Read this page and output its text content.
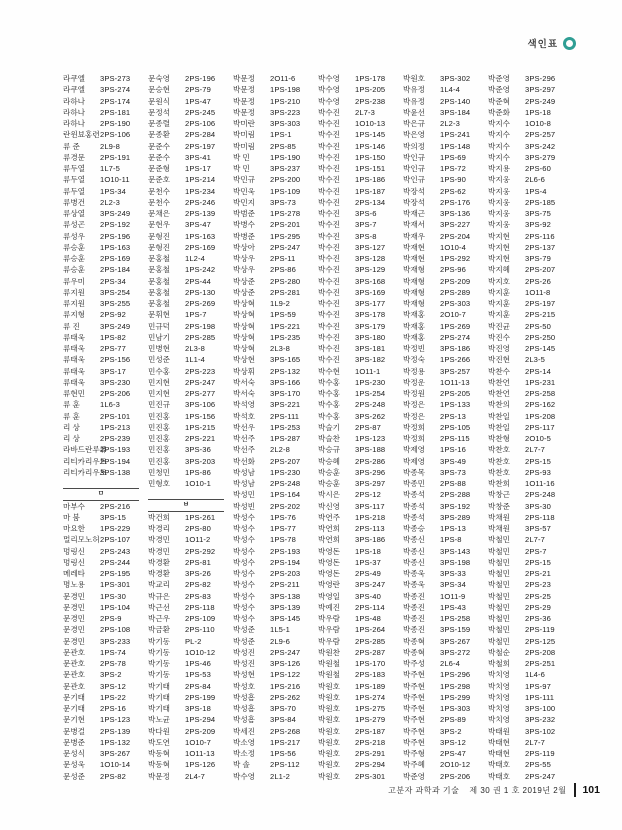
색인표
라쿠엘 3PS-273
라쿠엘 3PS-274
라하나 2PS-174
라하나 2PS-181
라하나 2PS-190
란윈뵤홍련2PS-106
류 준	2L9-8
류경문 2PS-191
류두열 1L7-5
류두열 1O10-11
류두열 1PS-34
류병건 2L2-3
류상열 3PS-249
류성곤 2PS-192
류성우 2PS-196
류승훈 1PS-163
류승훈 2PS-169
류승훈 2PS-184
류우미 2PS-34
류지원 3PS-254
류지원 3PS-255
류지형 2PS-92
류 진	3PS-249
류태욱 1PS-82
류태욱 2PS-77
류태욱 2PS-156
류태욱 3PS-17
류태욱 3PS-230
류현민 2PS-206
류 훈	1L6-3
류 훈	2PS-101
리 상	1PS-213
리 상	2PS-239
라바드란루퓨2PS-193
리티카리우트2PS-194
리티카리우트3PS-138
ㅁ
마부수 2PS-216
마 붐	3PS-15
마요한 1PS-229
멀리모노허2PS-107
멍링신 2PS-243
멍링신 2PS-244
메레타 2PS-195
명노용 1PS-301
문경민 1PS-30
문경민 1PS-104
문경민 2PS-9
문경민 2PS-108
문경민 3PS-233
문관호 1PS-74
문관호 2PS-78
문관호 3PS-2
문관호 3PS-12
문기태 1PS-22
문기태 2PS-16
문기현 1PS-123
문병걸 2PS-139
문병준 1PS-132
문성식 3PS-267
문성욱 1O10-14
문성준 2PS-82
문숙영 2PS-196
문승현 2PS-79
문원식 1PS-47
문정석 2PS-245
문종렬 2PS-106
문종환 2PS-284
문준수 2PS-197
문준수 3PS-41
문준형 1PS-17
문준호 1PS-214
문천수 1PS-234
문천수 2PS-246
문채은 2PS-139
문현우 3PS-47
문형진 1PS-163
문형진 2PS-169
문홍철 1L2-4
문홍철 1PS-242
문홍철 2PS-44
문홍철 2PS-130
문홍철 2PS-269
문휘현 1PS-7
민규덕 2PS-198
민남기 2PS-285
민병현 2L3-8
민성준 1L1-4
민수홍 2PS-223
민지현 2PS-247
민지현 2PS-277
민진규 3PS-106
민진홍 1PS-156
민진홍 1PS-215
민진홍 2PS-221
민진홍 3PS-36
민진홍 3PS-203
민청민 1PS-86
민형호 1O10-1
ㅂ
박건희 1PS-261
박경리 2PS-80
박경민 1O11-2
박경민 2PS-292
박경환 2PS-81
박경환 3PS-26
박교리 2PS-82
박규은 2PS-83
박근선 2PS-118
박근우 2PS-109
박금환 2PS-110
박기동 PL-2
박기동 1O10-12
박기동 1PS-46
박기동 1PS-53
박기태 2PS-84
박기태 2PS-199
박기태 3PS-18
박노균 1PS-294
박다원 2PS-209
박도연 1O10-7
박동혁 1O11-13
박동혁 1PS-126
박문정 2L4-7
박문정 2O11-6
박문정 1PS-198
박문정 1PS-210
박문정 3PS-223
박미란 3PS-303
박미림 1PS-1
박미림 2PS-85
박 민	1PS-190
박 민	3PS-237
박민규 2PS-200
박민욱 1PS-109
박민지 3PS-73
박범준 1PS-278
박병수 2PS-201
박병준 1PS-295
박상아 2PS-247
박상우 2PS-11
박상우 2PS-86
박상준 2PS-280
박상준 2PS-281
박상혁 1L9-2
박상혁 1PS-59
박상혁 1PS-221
박상혁 1PS-235
박상혁 2L3-8
박상현 3PS-165
박상휘 2PS-132
박서숙 3PS-166
박서숙 3PS-170
박석영 3PS-221
박석호 2PS-111
박선우 1PS-253
박선주 1PS-287
박선주 2L2-8
박선화 2PS-207
박성남 1PS-230
박성남 2PS-248
박성민 1PS-164
박성빈 2PS-202
박성수 1PS-76
박성수 1PS-77
박성수 1PS-78
박성수 2PS-193
박성수 2PS-194
박성수 2PS-203
박성수 2PS-211
박성수 3PS-138
박성수 3PS-139
박성수 3PS-145
박성준 1L5-1
박성준 2L9-6
박성진 2PS-247
박성진 3PS-126
박성현 1PS-122
박성호 1PS-216
박성흠 2PS-262
박성흠 3PS-70
박성흠 3PS-84
박세진 2PS-268
박소영 1PS-217
박소정 1PS-56
박 솔	2PS-112
박수영 2L1-2
박수영 1PS-178
박수영 1PS-205
박수영 2PS-238
박수진 2L7-3
박수진 1O10-13
박수진 1PS-145
박수진 1PS-146
박수진 1PS-150
박수진 1PS-151
박수진 1PS-186
박수진 1PS-187
박수진 2PS-134
박수진 3PS-6
박수진 3PS-7
박수진 3PS-8
박수진 3PS-127
박수진 3PS-128
박수진 3PS-129
박수진 3PS-168
박수진 3PS-169
박수진 3PS-177
박수진 3PS-178
박수진 3PS-179
박수진 3PS-180
박수진 3PS-181
박수진 3PS-182
박수현 1O11-1
박수홍 1PS-230
박수홍 1PS-254
박수홍 2PS-248
박수홍 3PS-262
박슬기 2PS-87
박슬찬 1PS-123
박승규 3PS-188
박승혜 2PS-286
박승훈 3PS-296
박승훈 3PS-297
박시은 2PS-12
박신영 3PS-117
박연주 1PS-218
박연희 2PS-113
박연희 3PS-186
박영돈 1PS-18
박영돈 1PS-37
박영돈 2PS-49
박영란 3PS-247
박영일 3PS-40
박예진 2PS-114
박우람 1PS-48
박우람 1PS-264
박우람 2PS-285
박원찬 2PS-287
박원철 1PS-170
박원철 2PS-183
박원호 1PS-189
박원호 1PS-274
박원호 1PS-275
박원호 1PS-279
박원호 2PS-187
박원호 2PS-218
박원호 2PS-291
박원호 2PS-294
박원호 2PS-301
박원호 3PS-302
박유정 1L4-4
박유정 2PS-140
박윤선 3PS-184
박은규 2L2-3
박은영 1PS-241
박의정 1PS-148
박인규 1PS-69
박인규 1PS-72
박인규 1PS-90
박장석 2PS-62
박장석 2PS-176
박재근 3PS-136
박재서 3PS-227
박재우 2PS-204
박재현 1O10-4
박재현 1PS-292
박재형 2PS-96
박재형 2PS-209
박재형 2PS-289
박재형 2PS-303
박재홍 2O10-7
박재홍 1PS-269
박재홍 2PS-274
박정빈 3PS-186
박정숙 1PS-266
박정용 3PS-257
박정운 1O11-13
박정원 2PS-205
박정은 1PS-133
박정은 2PS-13
박정희 2PS-105
박정희 2PS-115
박제영 1PS-16
박제영 3PS-49
박종목 3PS-73
박종민 2PS-88
박종석 2PS-288
박종석 3PS-192
박종석 3PS-289
박종승 1PS-13
박종신 1PS-8
박종신 3PS-143
박종신 3PS-198
박종욱 3PS-33
박종욱 3PS-34
박종진 1O11-9
박종진 1PS-43
박종진 1PS-258
박종진 3PS-159
박종혁 3PS-267
박종혁 3PS-272
박주성 2L6-4
박주현 1PS-296
박주현 1PS-298
박주현 1PS-299
박주현 1PS-303
박주현 2PS-89
박주현 3PS-2
박주현 3PS-12
박주형 2PS-47
박주혜 2O10-12
박준영 2PS-206
박준영 3PS-296
박준영 3PS-297
박준혁 2PS-249
박준화 1PS-18
박지수 1O10-8
박지수 2PS-257
박지수 3PS-242
박지수 3PS-279
박지용 2PS-60
박지웅 2L6-6
박지웅 1PS-4
박지웅 2PS-185
박지웅 3PS-75
박지웅 3PS-92
박지현 2PS-116
박지현 2PS-137
박지현 3PS-79
박지혜 2PS-207
박지호 2PS-26
박지훈 1O11-8
박지훈 2PS-197
박지훈 2PS-215
박진균 2PS-50
박진수 2PS-250
박진영 2PS-145
박진현 2L3-5
박찬수 2PS-14
박찬언 1PS-231
박찬언 2PS-258
박찬의 2PS-162
박찬일 1PS-208
박찬일 2PS-117
박찬형 2O10-5
박찬호 2L7-7
박찬호 2PS-15
박찬호 2PS-93
박찬희 1O11-16
박창근 2PS-248
박창준 3PS-30
박채원 2PS-118
박채원 3PS-57
박철민 2L7-7
박철민 2PS-7
박철민 2PS-15
박철민 2PS-21
박철민 2PS-23
박철민 2PS-25
박철민 2PS-29
박철민 2PS-36
박철민 2PS-119
박철민 2PS-125
박철순 2PS-208
박철희 2PS-251
박치영 1L4-6
박치영 1PS-97
박치영 1PS-111
박치영 3PS-100
박치영 3PS-232
박태원 3PS-102
박태현 2L7-7
박태현 2PS-119
박태호 2PS-55
박태호 2PS-247
고분자 과학과 기술 제 30 권 1 호 2019년 2월 101
